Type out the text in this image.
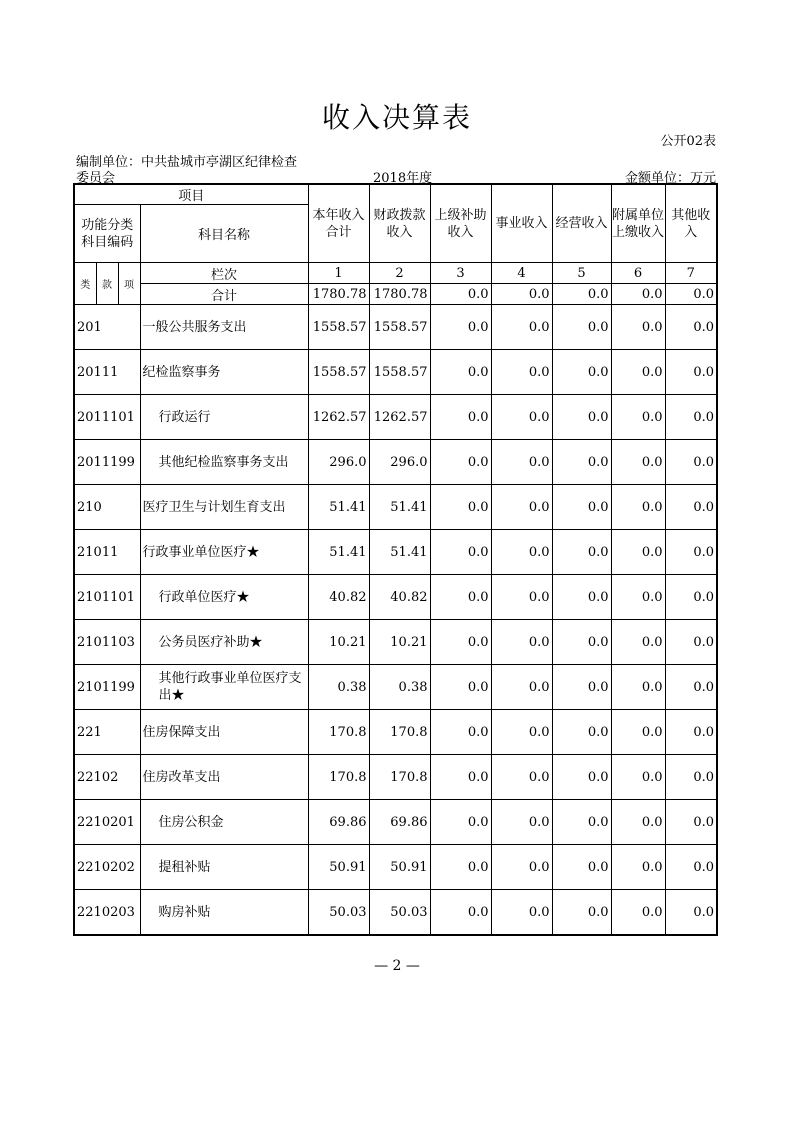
收入决算表
公开02表
编制单位：中共盐城市亭湖区纪律检查
委员会	2018年度	金额单位：万元
项目				本年收入合计	财政拨款收入	上级补助收入	事业收入	经营收入	附属单位上缴收入	其他收入
功能分类科目编码			科目名称							

类	款	项	栏次	1	2	3	4	5	6	7
			合计	1780.78	1780.78	0.0	0.0	0.0	0.0	0.0
201			一般公共服务支出	1558.57	1558.57	0.0	0.0	0.0	0.0	0.0
20111			纪检监察事务	1558.57	1558.57	0.0	0.0	0.0	0.0	0.0
2011101			行政运行	1262.57	1262.57	0.0	0.0	0.0	0.0	0.0
2011199			其他纪检监察事务支出	296.0	296.0	0.0	0.0	0.0	0.0	0.0
210			医疗卫生与计划生育支出	51.41	51.41	0.0	0.0	0.0	0.0	0.0
21011			行政事业单位医疗★	51.41	51.41	0.0	0.0	0.0	0.0	0.0
2101101			行政单位医疗★	40.82	40.82	0.0	0.0	0.0	0.0	0.0
2101103			公务员医疗补助★	10.21	10.21	0.0	0.0	0.0	0.0	0.0
2101199			其他行政事业单位医疗支出★	0.38	0.38	0.0	0.0	0.0	0.0	0.0
221			住房保障支出	170.8	170.8	0.0	0.0	0.0	0.0	0.0
22102			住房改革支出	170.8	170.8	0.0	0.0	0.0	0.0	0.0
2210201			住房公积金	69.86	69.86	0.0	0.0	0.0	0.0	0.0
2210202			提租补贴	50.91	50.91	0.0	0.0	0.0	0.0	0.0
2210203			购房补贴	50.03	50.03	0.0	0.0	0.0	0.0	0.0
— 2 —
